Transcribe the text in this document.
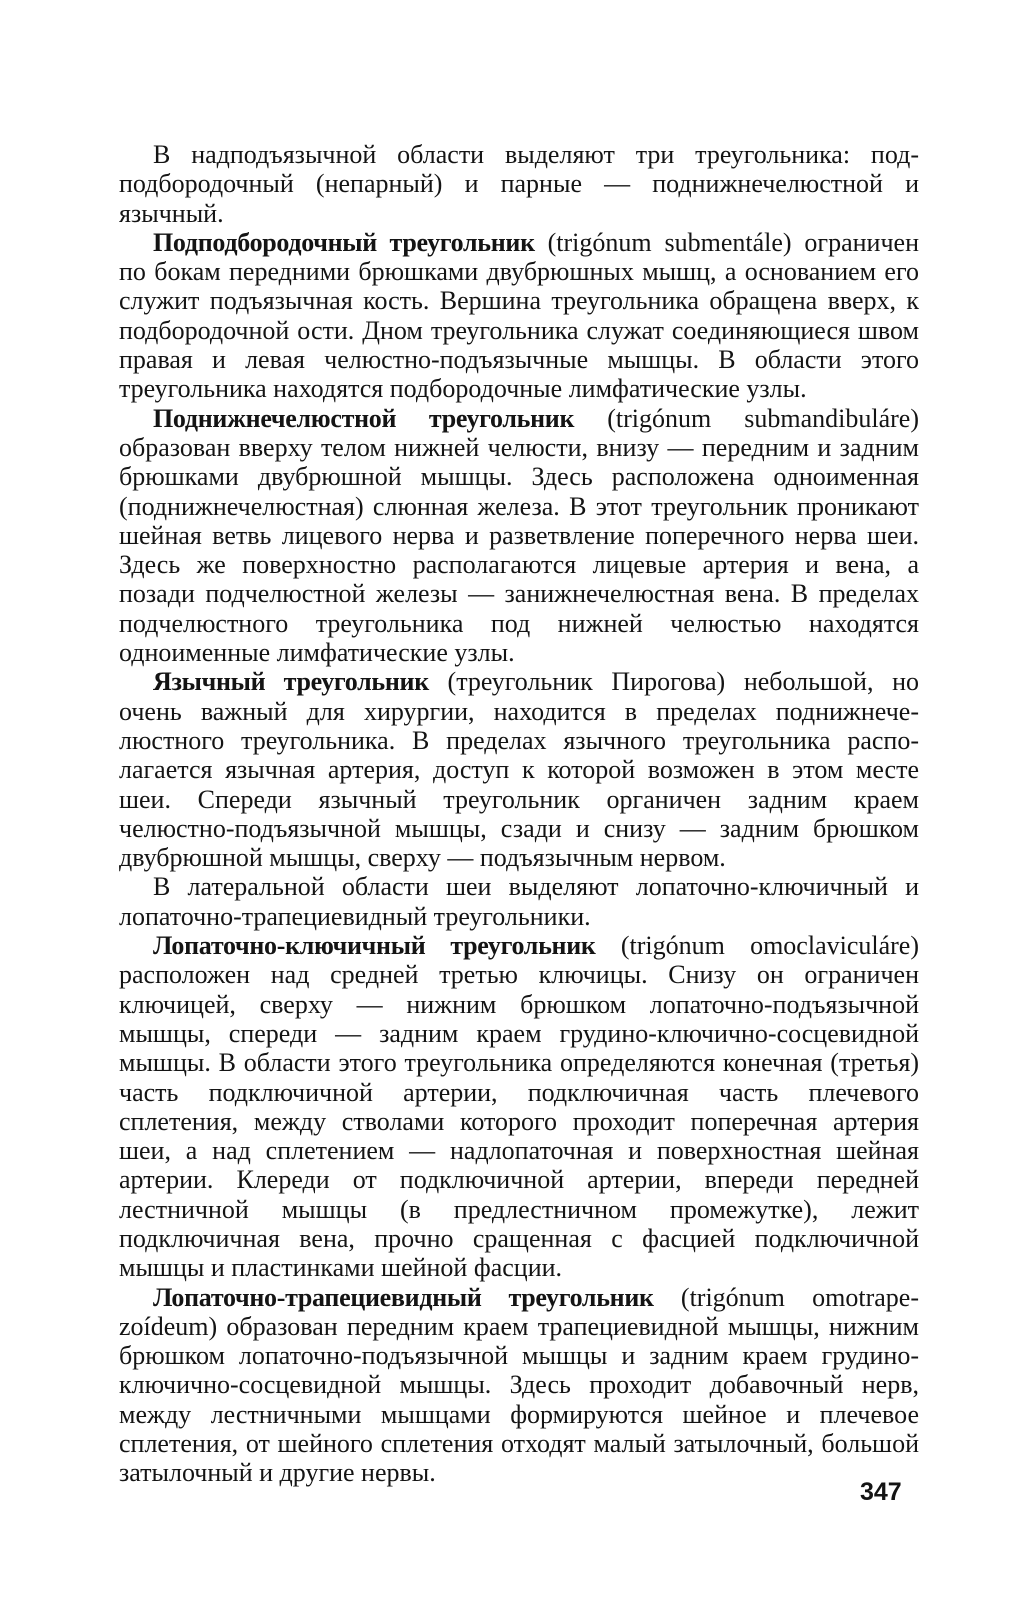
В надподъязычной области выделяют три треугольника: подподбородочный (непарный) и парные — поднижнечелюстной и язычный.

Подподбородочный треугольник (trigónum submentále) ограничен по бокам передними брюшками двубрюшных мышц, а основанием его служит подъязычная кость. Вершина треугольника обращена вверх, к подбородочной ости. Дном треугольника служат соединяющиеся швом правая и левая челюстно-подъязычные мышцы. В области этого треугольника находятся подбородочные лимфатические узлы.

Поднижнечелюстной треугольник (trigónum submandibuláre) образован вверху телом нижней челюсти, внизу — передним и задним брюшками двубрюшной мышцы. Здесь расположена одноименная (поднижнечелюстная) слюнная железа. В этот треугольник проникают шейная ветвь лицевого нерва и разветвление поперечного нерва шеи. Здесь же поверхностно располагаются лицевые артерия и вена, а позади подчелюстной железы — занижнечелюстная вена. В пределах подчелюстного треугольника под нижней челюстью находятся одноименные лимфатические узлы.

Язычный треугольник (треугольник Пирогова) небольшой, но очень важный для хирургии, находится в пределах поднижнечелюстного треугольника. В пределах язычного треугольника располагается язычная артерия, доступ к которой возможен в этом месте шеи. Спереди язычный треугольник органичен задним краем челюстно-подъязычной мышцы, сзади и снизу — задним брюшком двубрюшной мышцы, сверху — подъязычным нервом.

В латеральной области шеи выделяют лопаточно-ключичный и лопаточно-трапециевидный треугольники.

Лопаточно-ключичный треугольник (trigónum omoclaviculáre) расположен над средней третью ключицы. Снизу он ограничен ключицей, сверху — нижним брюшком лопаточно-подъязычной мышцы, спереди — задним краем грудино-ключично-сосцевидной мышцы. В области этого треугольника определяются конечная (третья) часть подключичной артерии, подключичная часть плечевого сплетения, между стволами которого проходит поперечная артерия шеи, а над сплетением — надлопаточная и поверхностная шейная артерии. Клереди от подключичной артерии, впереди передней лестничной мышцы (в предлестничном промежутке), лежит подключичная вена, прочно сращенная с фасцией подключичной мышцы и пластинками шейной фасции.

Лопаточно-трапециевидный треугольник (trigónum omotrapezoídeum) образован передним краем трапециевидной мышцы, нижним брюшком лопаточно-подъязычной мышцы и задним краем грудино-ключично-сосцевидной мышцы. Здесь проходит добавочный нерв, между лестничными мышцами формируются шейное и плечевое сплетения, от шейного сплетения отходят малый затылочный, большой затылочный и другие нервы.

347
